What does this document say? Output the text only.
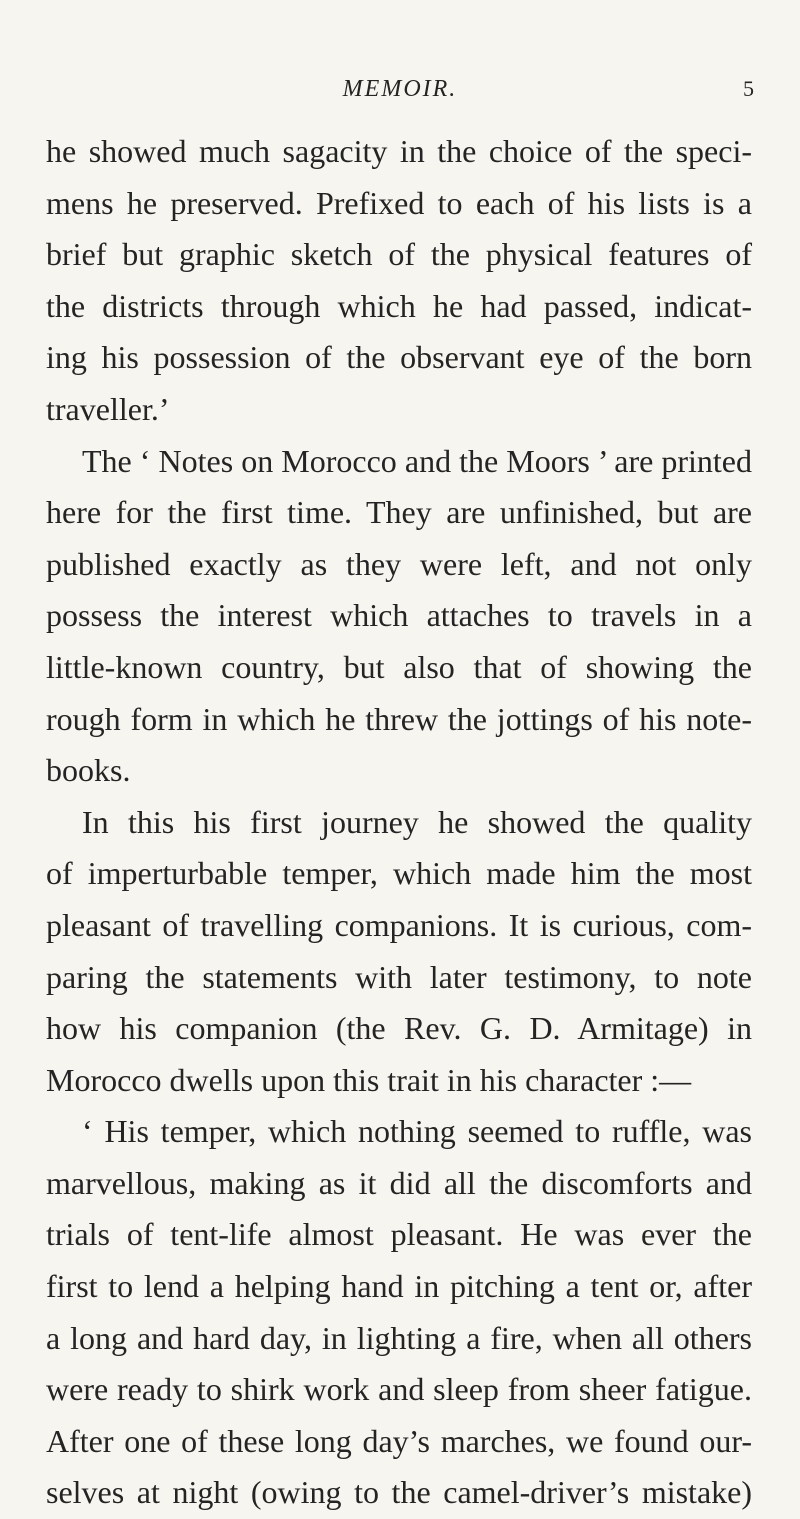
MEMOIR.	5
he showed much sagacity in the choice of the speci-
mens he preserved. Prefixed to each of his lists is a
brief but graphic sketch of the physical features of
the districts through which he had passed, indicat-
ing his possession of the observant eye of the born
traveller.’
The ‘ Notes on Morocco and the Moors ’ are printed
here for the first time. They are unfinished, but are
published exactly as they were left, and not only
possess the interest which attaches to travels in a
little-known country, but also that of showing the
rough form in which he threw the jottings of his note-
books.
In this his first journey he showed the quality
of imperturbable temper, which made him the most
pleasant of travelling companions. It is curious, com-
paring the statements with later testimony, to note
how his companion (the Rev. G. D. Armitage) in
Morocco dwells upon this trait in his character :—
‘ His temper, which nothing seemed to ruffle, was
marvellous, making as it did all the discomforts and
trials of tent-life almost pleasant. He was ever the
first to lend a helping hand in pitching a tent or, after
a long and hard day, in lighting a fire, when all others
were ready to shirk work and sleep from sheer fatigue.
After one of these long day’s marches, we found our-
selves at night (owing to the camel-driver’s mistake)
